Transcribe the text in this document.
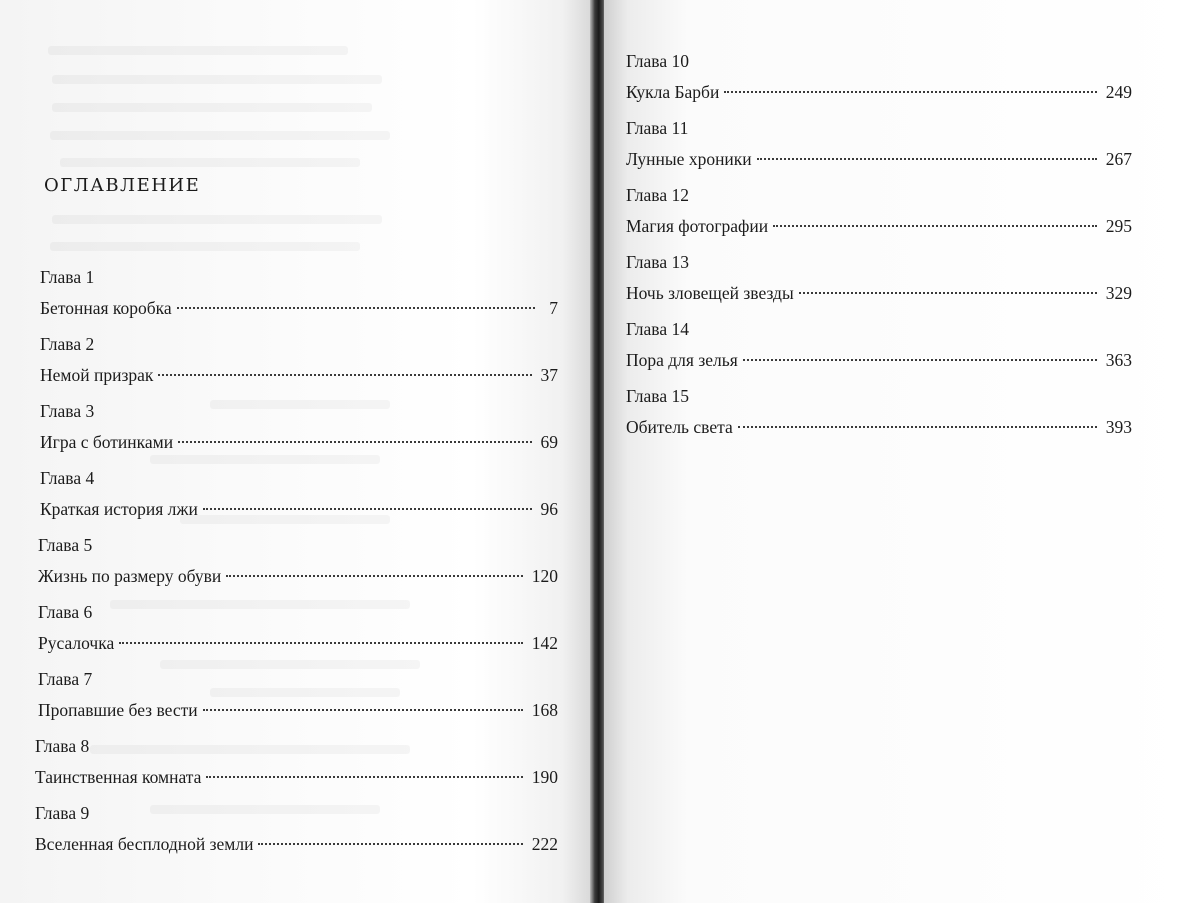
оглавление
Глава 1
Бетонная коробка	7
Глава 2
Немой призрак	37
Глава 3
Игра с ботинками	69
Глава 4
Краткая история лжи	96
Глава 5
Жизнь по размеру обуви	120
Глава 6
Русалочка	142
Глава 7
Пропавшие без вести	168
Глава 8
Таинственная комната	190
Глава 9
Вселенная бесплодной земли	222
Глава 10
Кукла Барби	249
Глава 11
Лунные хроники	267
Глава 12
Магия фотографии	295
Глава 13
Ночь зловещей звезды	329
Глава 14
Пора для зелья	363
Глава 15
Обитель света	393
